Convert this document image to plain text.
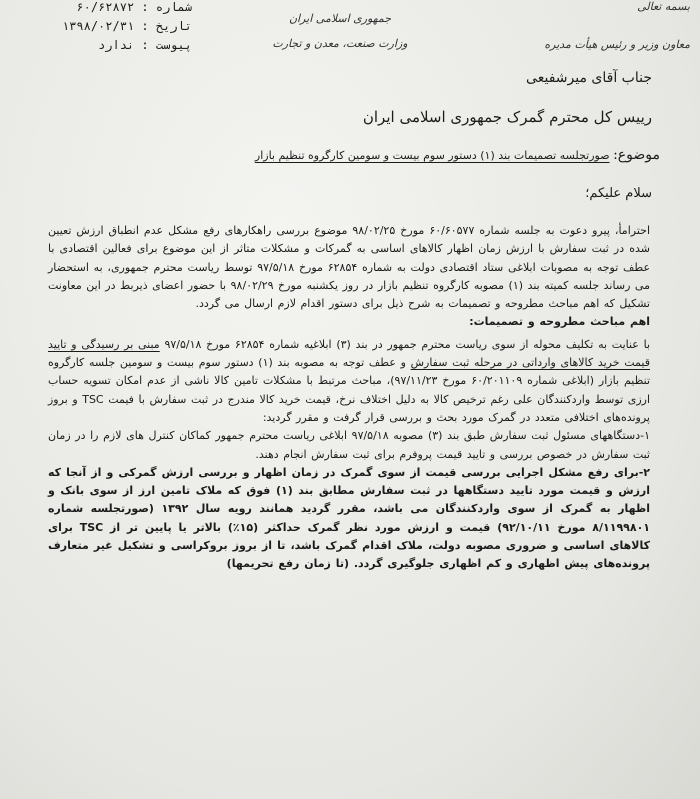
شماره : ۶۰/۶۲۸۷۲
تاریخ : ۱۳۹۸/۰۲/۳۱
پیوست : ندارد
جمهوری اسلامی ایران
وزارت صنعت، معدن و تجارت
بسمه تعالی
معاون وزیر و رئیس هیأت مدیره
جناب آقای میرشفیعی
رییس کل محترم گمرک جمهوری اسلامی ایران
موضوع: صورتجلسه تصمیمات بند (۱) دستور سوم بیست و سومین کارگروه تنظیم بازار
سلام علیکم؛

احترامأ، پیرو دعوت به جلسه شماره ۶۰/۶۰۵۷۷ مورخ ۹۸/۰۲/۲۵ موضوع بررسی راهکارهای رفع مشکل عدم انطباق ارزش تعیین شده در ثبت سفارش با ارزش زمان اظهار کالاهای اساسی به گمرکات و مشکلات متاثر از این موضوع برای فعالین اقتصادی با عطف توجه به مصوبات ابلاغی ستاد اقتصادی دولت به شماره ۶۲۸۵۴ مورخ ۹۷/۵/۱۸ توسط ریاست محترم جمهوری، به استحضار می رساند جلسه کمیته بند (۱) مصوبه کارگروه تنظیم بازار در روز یکشنبه مورخ ۹۸/۰۲/۲۹ با حضور اعضای ذیربط در این معاونت تشکیل که اهم مباحث مطروحه و تصمیمات به شرح ذیل برای دستور اقدام لازم ارسال می گردد.

اهم مباحث مطروحه و تصمیمات:

با عنایت به تکلیف محوله از سوی ریاست محترم جمهور در بند (۳) ابلاغیه شماره ۶۲۸۵۴ مورخ ۹۷/۵/۱۸ مبنی بر رسیدگی و تایید قیمت خرید کالاهای وارداتی در مرحله ثبت سفارش و عطف توجه به مصوبه بند (۱) دستور سوم بیست و سومین جلسه کارگروه تنظیم بازار (ابلاغی شماره ۶۰/۲۰۱۱۰۹ مورخ ۹۷/۱۱/۲۳)، مباحث مرتبط با مشکلات تامین کالا ناشی از عدم امکان تسویه حساب ارزی توسط واردکنندگان علی رغم ترخیص کالا به دلیل اختلاف نرخ، قیمت خرید کالا مندرج در ثبت سفارش با فیمت TSC و بروز پرونده‌های اختلافی متعدد در گمرک مورد بحث و بررسی قرار گرفت و مقرر گردید:

۱-دستگاههای مسئول ثبت سفارش طبق بند (۳) مصوبه ۹۷/۵/۱۸ ابلاغی ریاست محترم جمهور کماکان کنترل های لازم را در زمان ثبت سفارش در خصوص بررسی و تایید قیمت پروفرم برای ثبت سفارش انجام دهند.

۲-برای رفع مشکل اجرایی بررسی قیمت از سوی گمرک در زمان اظهار و بررسی ارزش گمرکی و از آنجا که ارزش و قیمت مورد تایید دستگاهها در ثبت سفارش مطابق بند (۱) فوق که ملاک تامین ارز از سوی بانک و اظهار به گمرک از سوی واردکنندگان می باشد، مقرر گردید همانند رویه سال ۱۳۹۲ (صورتجلسه شماره ۸/۱۱۹۹۸۰۱ مورخ ۹۲/۱۰/۱۱) قیمت و ارزش مورد نظر گمرک حداکثر (۱۵٪) بالاتر یا پایین تر از TSC برای کالاهای اساسی و ضروری مصوبه دولت، ملاک اقدام گمرک باشد، تا از بروز بروکراسی و تشکیل غیر متعارف پرونده‌های پیش اظهاری و کم اظهاری جلوگیری گردد. (تا زمان رفع تحریمها)
